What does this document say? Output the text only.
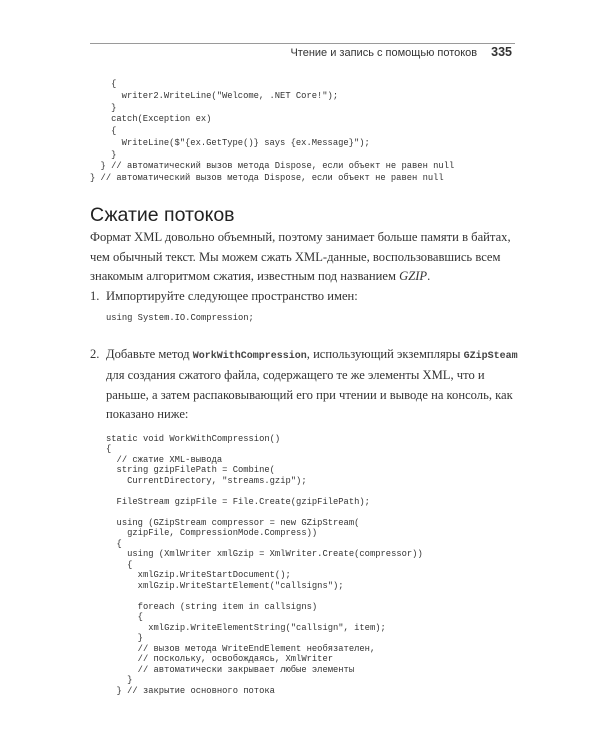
Чтение и запись с помощью потоков 335
{
writer2.WriteLine("Welcome, .NET Core!");
}
catch(Exception ex)
{
WriteLine($"{ex.GetType()} says {ex.Message}");
}
} // автоматический вызов метода Dispose, если объект не равен null
} // автоматический вызов метода Dispose, если объект не равен null
Сжатие потоков
Формат XML довольно объемный, поэтому занимает больше памяти в байтах, чем обычный текст. Мы можем сжать XML-данные, воспользовавшись всем знакомым алгоритмом сжатия, известным под названием GZIP.
1. Импортируйте следующее пространство имен:
using System.IO.Compression;
2. Добавьте метод WorkWithCompression, использующий экземпляры GZipSteam для создания сжатого файла, содержащего те же элементы XML, что и раньше, а затем распаковывающий его при чтении и выводе на консоль, как показано ниже:
static void WorkWithCompression()
{
// сжатие XML-вывода
string gzipFilePath = Combine(
CurrentDirectory, "streams.gzip");
FileStream gzipFile = File.Create(gzipFilePath);
using (GZipStream compressor = new GZipStream(
gzipFile, CompressionMode.Compress))
{
using (XmlWriter xmlGzip = XmlWriter.Create(compressor))
{
xmlGzip.WriteStartDocument();
xmlGzip.WriteStartElement("callsigns");
foreach (string item in callsigns)
{
xmlGzip.WriteElementString("callsign", item);
}
// вызов метода WriteEndElement необязателен,
// поскольку, освобождаясь, XmlWriter
// автоматически закрывает любые элементы
}
} // закрытие основного потока
